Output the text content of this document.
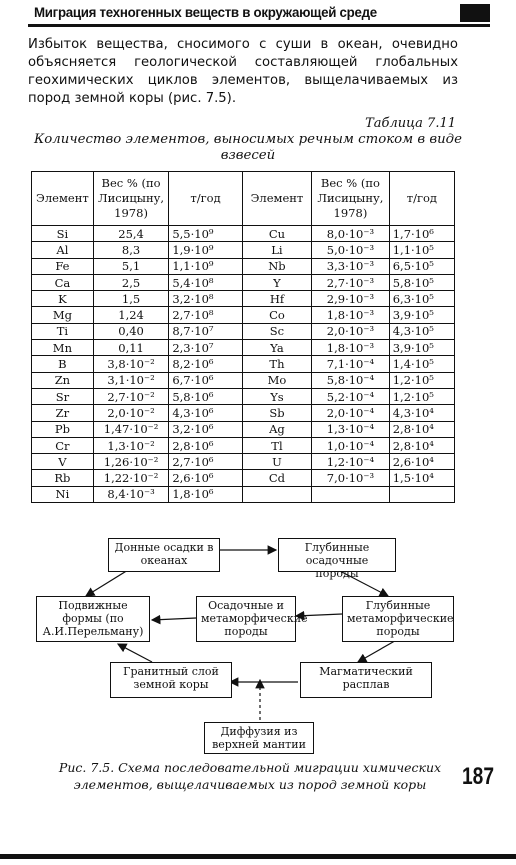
Миграция техногенных веществ в окружающей среде
Избыток вещества, сносимого с суши в океан, очевидно объясняется геологической составляющей глобальных геохимических циклов элементов, выщелачиваемых из пород земной коры (рис. 7.5).
Таблица 7.11
Количество элементов, выносимых речным стоком в виде взвесей
Элемент	Вес % (по Лисицыну, 1978)	т/год	Элемент	Вес % (по Лисицыну, 1978)	т/год
Si	25,4	5,5·10⁹	Cu	8,0·10⁻³	1,7·10⁶
Al	8,3	1,9·10⁹	Li	5,0·10⁻³	1,1·10⁵
Fe	5,1	1,1·10⁹	Nb	3,3·10⁻³	6,5·10⁵
Ca	2,5	5,4·10⁸	Y	2,7·10⁻³	5,8·10⁵
K	1,5	3,2·10⁸	Hf	2,9·10⁻³	6,3·10⁵
Mg	1,24	2,7·10⁸	Co	1,8·10⁻³	3,9·10⁵
Ti	0,40	8,7·10⁷	Sc	2,0·10⁻³	4,3·10⁵
Mn	0,11	2,3·10⁷	Ya	1,8·10⁻³	3,9·10⁵
B	3,8·10⁻²	8,2·10⁶	Th	7,1·10⁻⁴	1,4·10⁵
Zn	3,1·10⁻²	6,7·10⁶	Mo	5,8·10⁻⁴	1,2·10⁵
Sr	2,7·10⁻²	5,8·10⁶	Ys	5,2·10⁻⁴	1,2·10⁵
Zr	2,0·10⁻²	4,3·10⁶	Sb	2,0·10⁻⁴	4,3·10⁴
Pb	1,47·10⁻²	3,2·10⁶	Ag	1,3·10⁻⁴	2,8·10⁴
Cr	1,3·10⁻²	2,8·10⁶	Tl	1,0·10⁻⁴	2,8·10⁴
V	1,26·10⁻²	2,7·10⁶	U	1,2·10⁻⁴	2,6·10⁴
Rb	1,22·10⁻²	2,6·10⁶	Cd	7,0·10⁻³	1,5·10⁴
Ni	8,4·10⁻³	1,8·10⁶			
Донные осадки в океанах
Глубинные осадочные породы
Подвижные формы (по А.И.Перельману)
Осадочные и метаморфические породы
Глубинные метаморфические породы
Гранитный слой земной коры
Магматический расплав
Диффузия из верхней мантии
Рис. 7.5. Схема последовательной миграции химических элементов, выщелачиваемых из пород земной коры	187
